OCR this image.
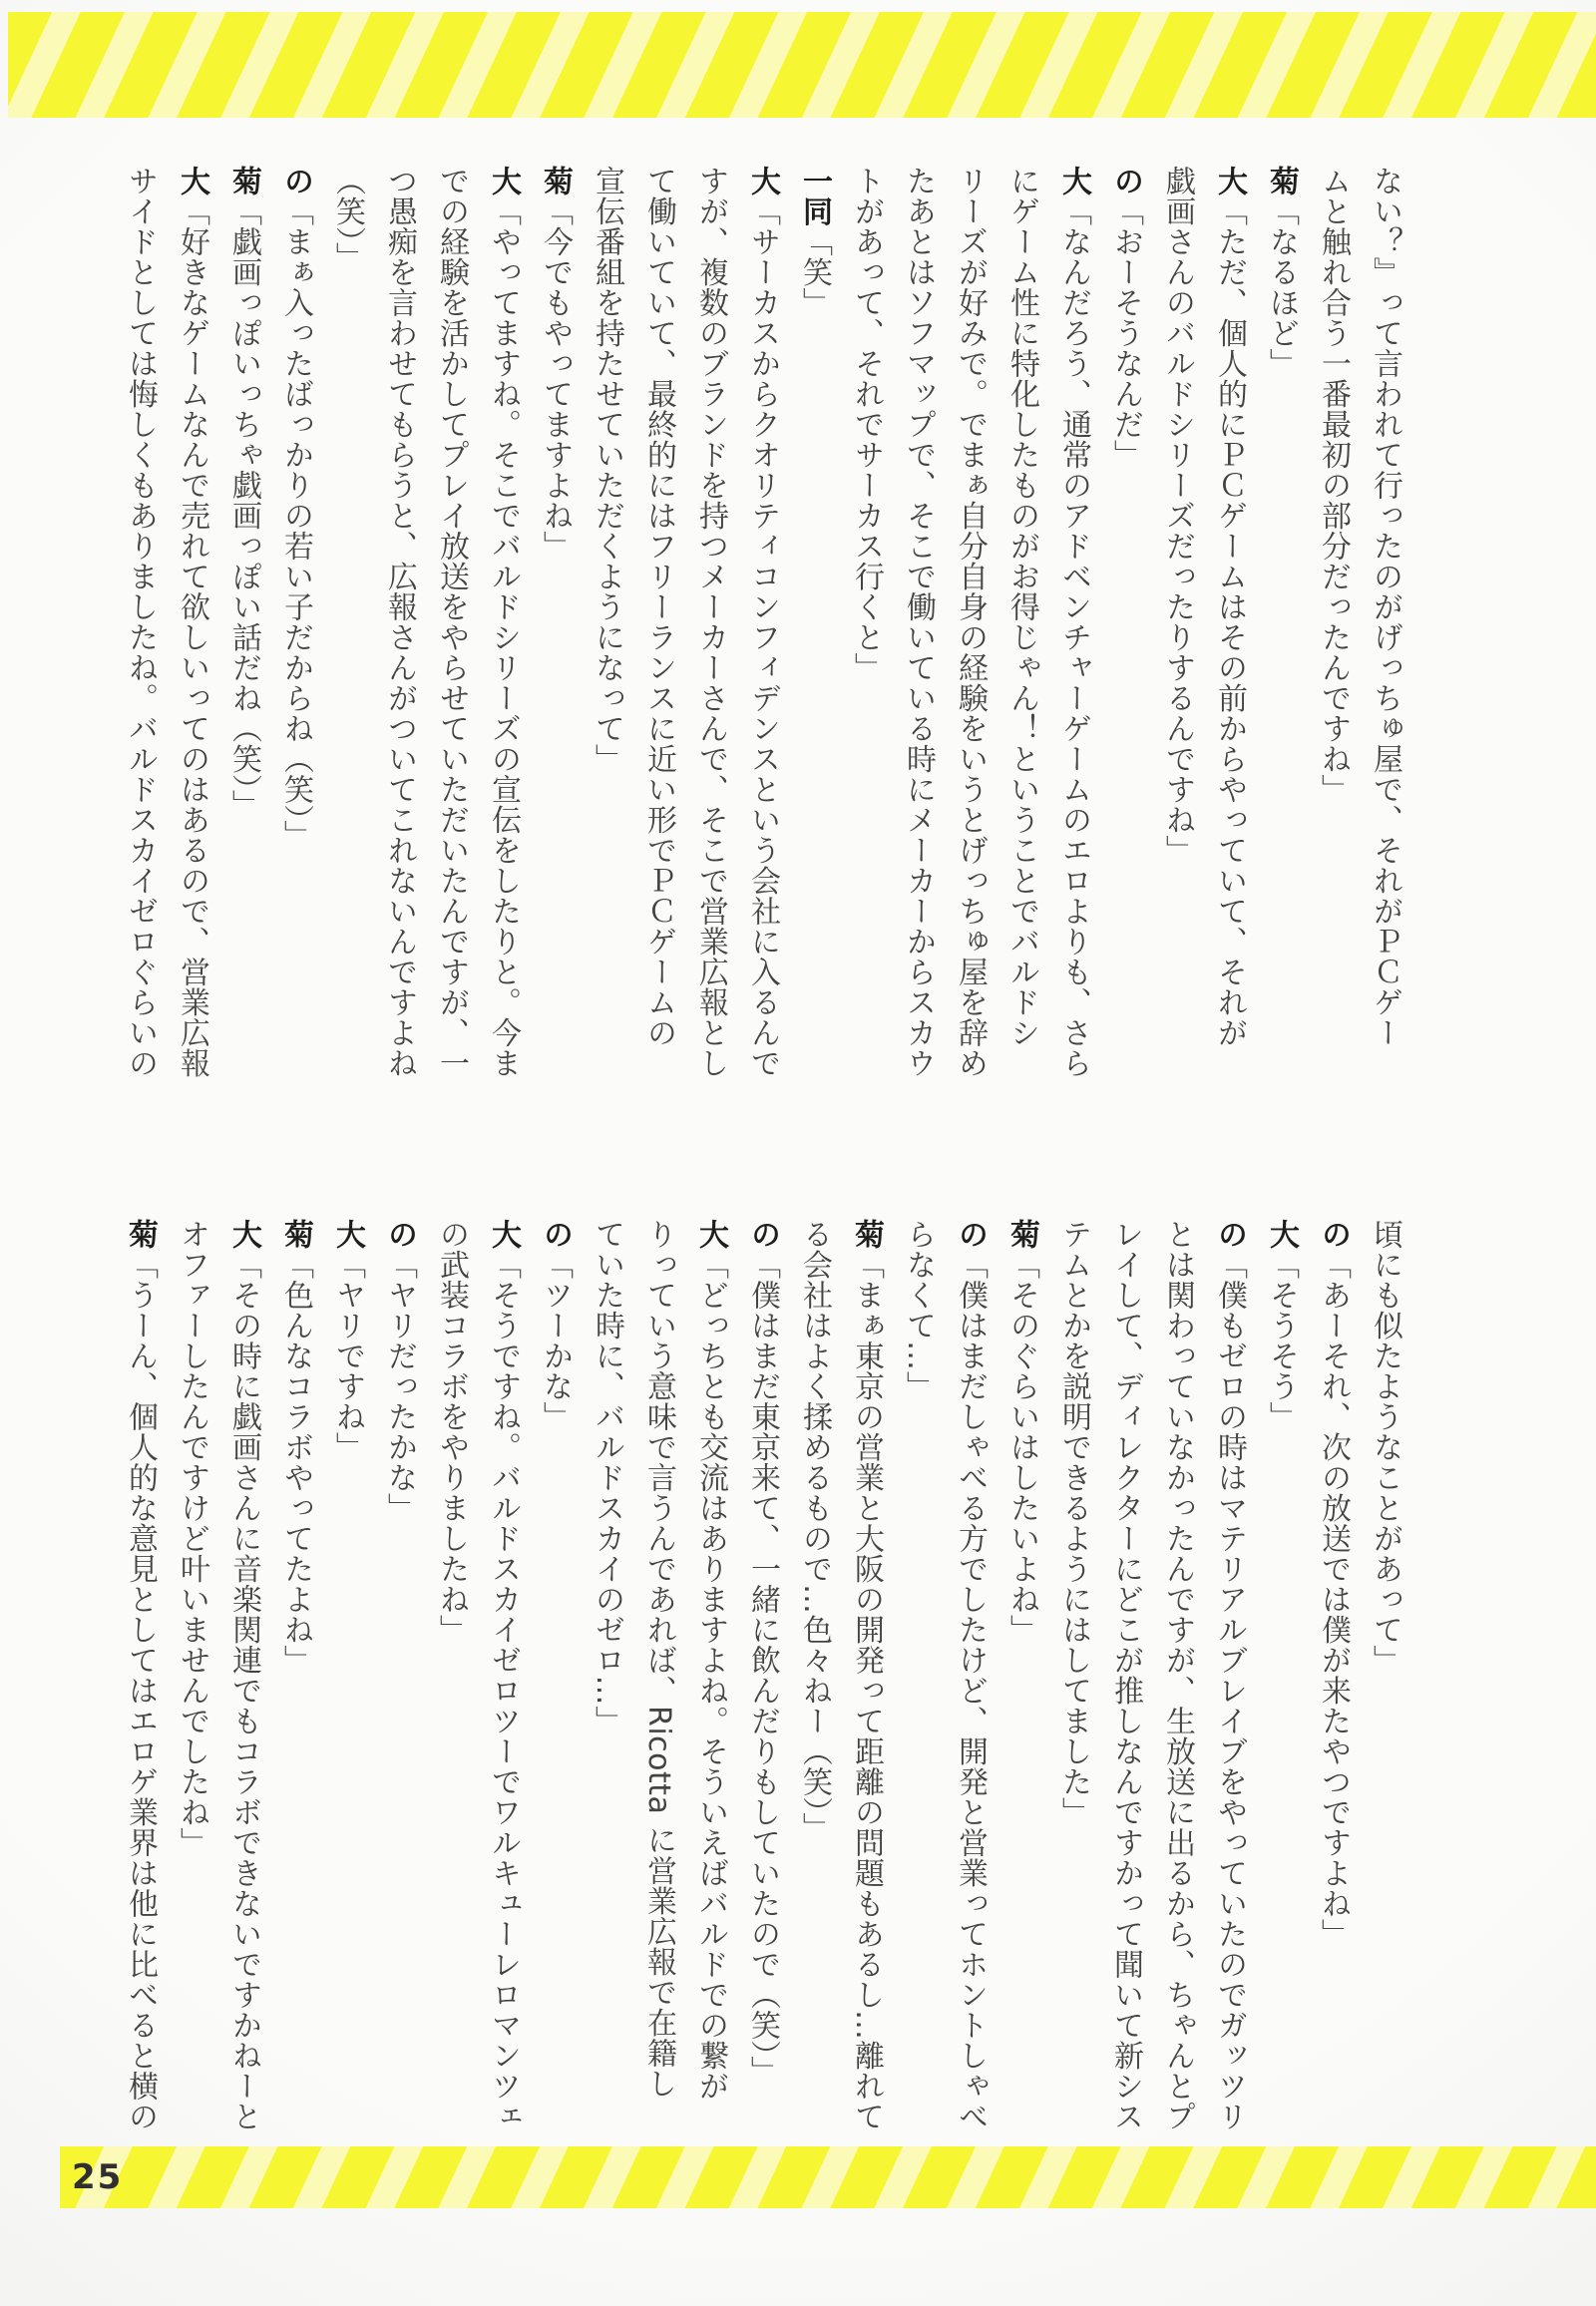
ない？』って言われて行ったのがげっちゅ屋で、それがＰＣゲー
ムと触れ合う一番最初の部分だったんですね」
菊「なるほど」
大「ただ、個人的にＰＣゲームはその前からやっていて、それが
戯画さんのバルドシリーズだったりするんですね」
の「おーそうなんだ」
大「なんだろう、通常のアドベンチャーゲームのエロよりも、さら
にゲーム性に特化したものがお得じゃん！ということでバルドシ
リーズが好みで。でまぁ自分自身の経験をいうとげっちゅ屋を辞め
たあとはソフマップで、そこで働いている時にメーカーからスカウ
トがあって、それでサーカス行くと」
一同「笑」
大「サーカスからクオリティコンフィデンスという会社に入るんで
すが、複数のブランドを持つメーカーさんで、そこで営業広報とし
て働いていて、最終的にはフリーランスに近い形でＰＣゲームの
宣伝番組を持たせていただくようになって」
菊「今でもやってますよね」
大「やってますね。そこでバルドシリーズの宣伝をしたりと。今ま
での経験を活かしてプレイ放送をやらせていただいたんですが、一
つ愚痴を言わせてもらうと、広報さんがついてこれないんですよね
（笑）」
の「まぁ入ったばっかりの若い子だからね（笑）」
菊「戯画っぽいっちゃ戯画っぽい話だね（笑）」
大「好きなゲームなんで売れて欲しいってのはあるので、営業広報
サイドとしては悔しくもありましたね。バルドスカイゼロぐらいの
頃にも似たようなことがあって」
の「あーそれ、次の放送では僕が来たやつですよね」
大「そうそう」
の「僕もゼロの時はマテリアルブレイブをやっていたのでガッツリ
とは関わっていなかったんですが、生放送に出るから、ちゃんとプ
レイして、ディレクターにどこが推しなんですかって聞いて新シス
テムとかを説明できるようにはしてました」
菊「そのぐらいはしたいよね」
の「僕はまだしゃべる方でしたけど、開発と営業ってホントしゃべ
らなくて…」
菊「まぁ東京の営業と大阪の開発って距離の問題もあるし…離れて
る会社はよく揉めるもので…色々ねー（笑）」
の「僕はまだ東京来て、一緒に飲んだりもしていたので（笑）」
大「どっちとも交流はありますよね。そういえばバルドでの繋が
りっていう意味で言うんであれば、Ricotta に営業広報で在籍し
ていた時に、バルドスカイのゼロ…」
の「ツーかな」
大「そうですね。バルドスカイゼロツーでワルキューレロマンツェ
の武装コラボをやりましたね」
の「ヤリだったかな」
大「ヤリですね」
菊「色んなコラボやってたよね」
大「その時に戯画さんに音楽関連でもコラボできないですかねーと
オファーしたんですけど叶いませんでしたね」
菊「うーん、個人的な意見としてはエロゲ業界は他に比べると横の
25
